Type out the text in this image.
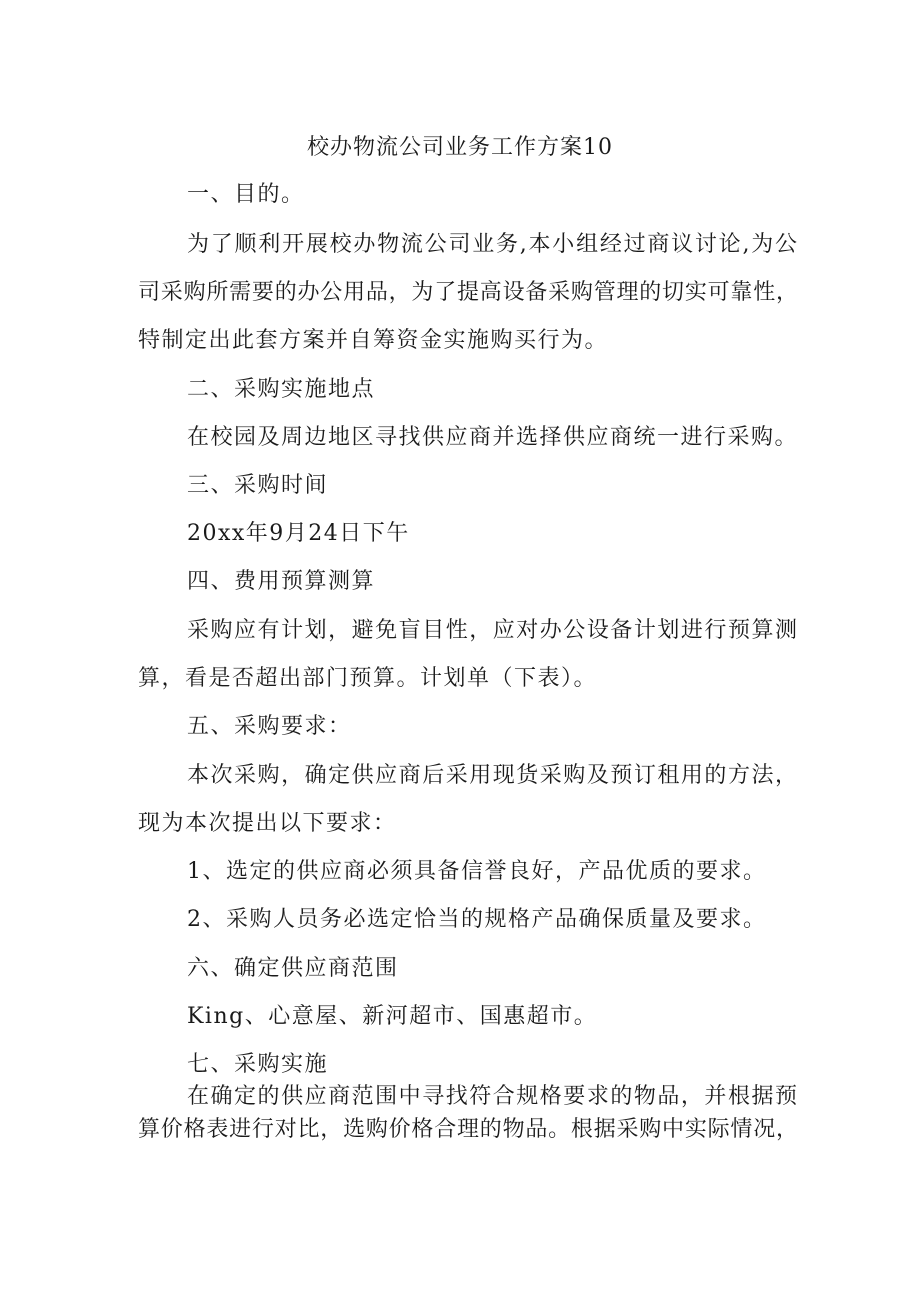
校办物流公司业务工作方案10
一、目的。
为了顺利开展校办物流公司业务,本小组经过商议讨论,为公
司采购所需要的办公用品，为了提高设备采购管理的切实可靠性，
特制定出此套方案并自筹资金实施购买行为。
二、采购实施地点
在校园及周边地区寻找供应商并选择供应商统一进行采购。
三、采购时间
20xx年9月24日下午
四、费用预算测算
采购应有计划，避免盲目性，应对办公设备计划进行预算测
算，看是否超出部门预算。计划单（下表）。
五、采购要求：
本次采购，确定供应商后采用现货采购及预订租用的方法，
现为本次提出以下要求：
1、选定的供应商必须具备信誉良好，产品优质的要求。
2、采购人员务必选定恰当的规格产品确保质量及要求。
六、确定供应商范围
King、心意屋、新河超市、国惠超市。
七、采购实施
在确定的供应商范围中寻找符合规格要求的物品，并根据预
算价格表进行对比，选购价格合理的物品。根据采购中实际情况，
